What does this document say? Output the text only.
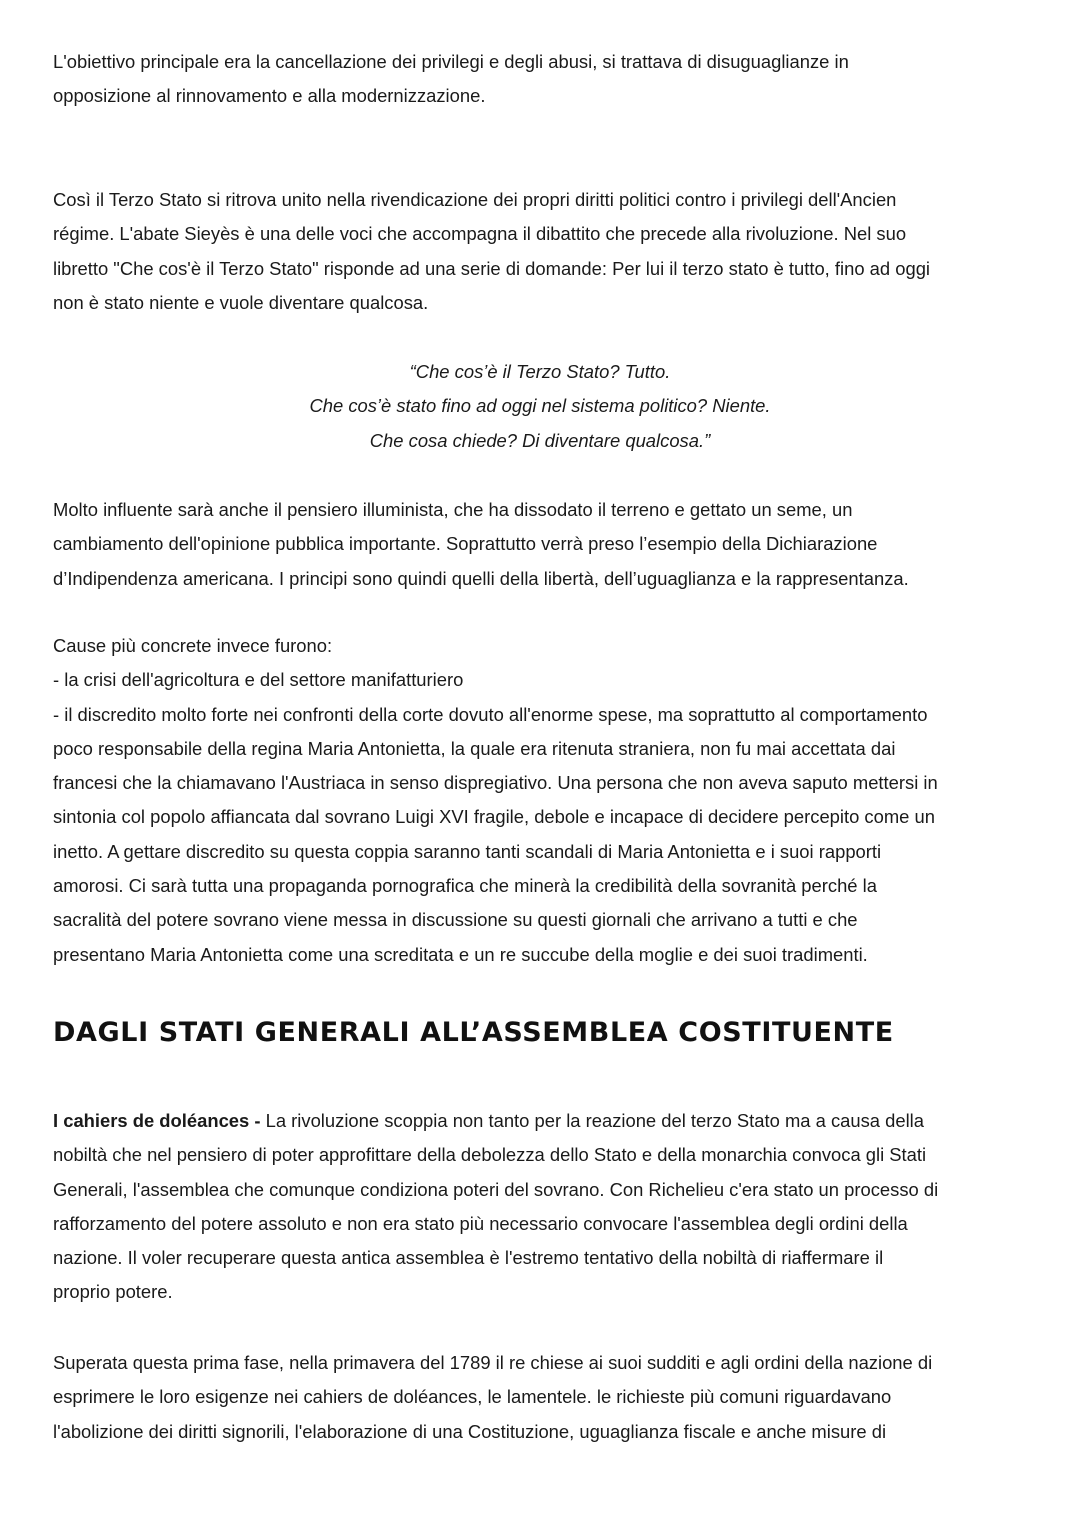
L'obiettivo principale era la cancellazione dei privilegi e degli abusi, si trattava di disuguaglianze in
opposizione al rinnovamento e alla modernizzazione.

Così il Terzo Stato si ritrova unito nella rivendicazione dei propri diritti politici contro i privilegi dell'Ancien
régime. L'abate Sieyès è una delle voci che accompagna il dibattito che precede alla rivoluzione. Nel suo
libretto "Che cos'è il Terzo Stato" risponde ad una serie di domande: Per lui il terzo stato è tutto, fino ad oggi
non è stato niente e vuole diventare qualcosa.

“Che cos’è il Terzo Stato? Tutto.
Che cos’è stato fino ad oggi nel sistema politico? Niente.
Che cosa chiede? Di diventare qualcosa.”

Molto influente sarà anche il pensiero illuminista, che ha dissodato il terreno e gettato un seme, un
cambiamento dell'opinione pubblica importante. Soprattutto verrà preso l’esempio della Dichiarazione
d’Indipendenza americana. I principi sono quindi quelli della libertà, dell’uguaglianza e la rappresentanza.

Cause più concrete invece furono:
- la crisi dell'agricoltura e del settore manifatturiero
- il discredito molto forte nei confronti della corte dovuto all'enorme spese, ma soprattutto al comportamento
poco responsabile della regina Maria Antonietta, la quale era ritenuta straniera, non fu mai accettata dai
francesi che la chiamavano l'Austriaca in senso dispregiativo. Una persona che non aveva saputo mettersi in
sintonia col popolo affiancata dal sovrano Luigi XVI fragile, debole e incapace di decidere percepito come un
inetto. A gettare discredito su questa coppia saranno tanti scandali di Maria Antonietta e i suoi rapporti
amorosi. Ci sarà tutta una propaganda pornografica che minerà la credibilità della sovranità perché la
sacralità del potere sovrano viene messa in discussione su questi giornali che arrivano a tutti e che
presentano Maria Antonietta come una screditata e un re succube della moglie e dei suoi tradimenti.

DAGLI STATI GENERALI ALL’ASSEMBLEA COSTITUENTE

I cahiers de doléances - La rivoluzione scoppia non tanto per la reazione del terzo Stato ma a causa della
nobiltà che nel pensiero di poter approfittare della debolezza dello Stato e della monarchia convoca gli Stati
Generali, l'assemblea che comunque condiziona poteri del sovrano. Con Richelieu c'era stato un processo di
rafforzamento del potere assoluto e non era stato più necessario convocare l'assemblea degli ordini della
nazione. Il voler recuperare questa antica assemblea è l'estremo tentativo della nobiltà di riaffermare il
proprio potere.

Superata questa prima fase, nella primavera del 1789 il re chiese ai suoi sudditi e agli ordini della nazione di
esprimere le loro esigenze nei cahiers de doléances, le lamentele. le richieste più comuni riguardavano
l'abolizione dei diritti signorili, l'elaborazione di una Costituzione, uguaglianza fiscale e anche misure di
